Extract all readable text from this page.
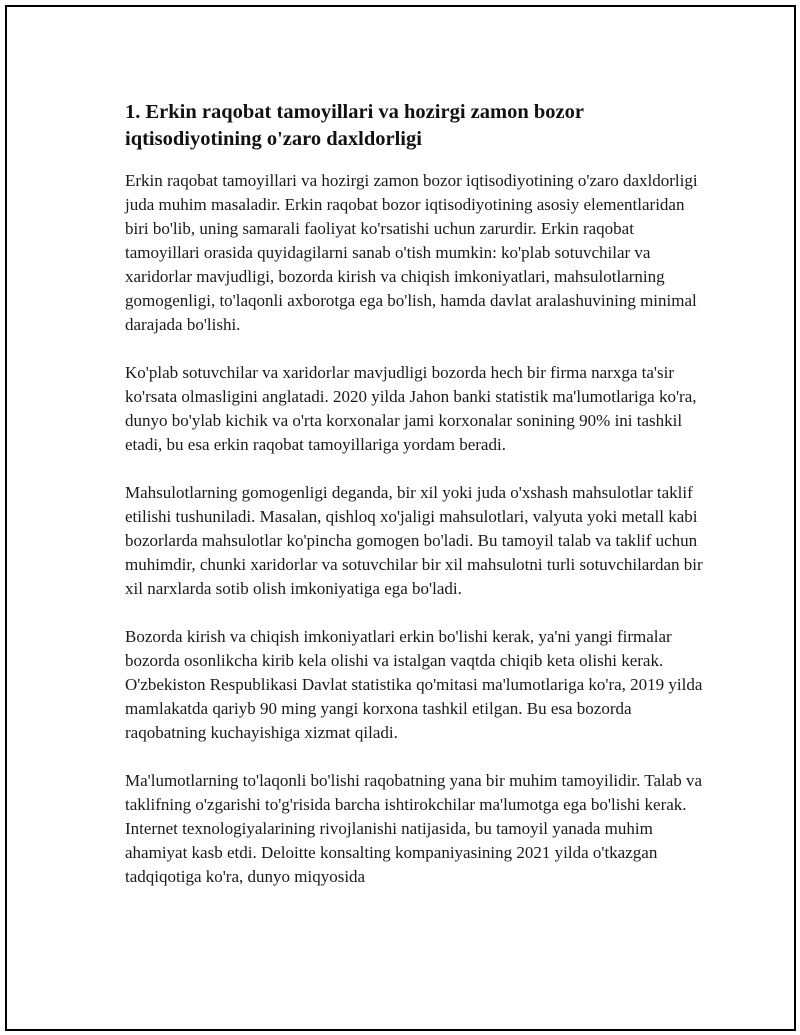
1. Erkin raqobat tamoyillari va hozirgi zamon bozor iqtisodiyotining o'zaro daxldorligi

Erkin raqobat tamoyillari va hozirgi zamon bozor iqtisodiyotining o'zaro daxldorligi juda muhim masaladir. Erkin raqobat bozor iqtisodiyotining asosiy elementlaridan biri bo'lib, uning samarali faoliyat ko'rsatishi uchun zarurdir. Erkin raqobat tamoyillari orasida quyidagilarni sanab o'tish mumkin: ko'plab sotuvchilar va xaridorlar mavjudligi, bozorda kirish va chiqish imkoniyatlari, mahsulotlarning gomogenligi, to'laqonli axborotga ega bo'lish, hamda davlat aralashuvining minimal darajada bo'lishi.

Ko'plab sotuvchilar va xaridorlar mavjudligi bozorda hech bir firma narxga ta'sir ko'rsata olmasligini anglatadi. 2020 yilda Jahon banki statistik ma'lumotlariga ko'ra, dunyo bo'ylab kichik va o'rta korxonalar jami korxonalar sonining 90% ini tashkil etadi, bu esa erkin raqobat tamoyillariga yordam beradi.

Mahsulotlarning gomogenligi deganda, bir xil yoki juda o'xshash mahsulotlar taklif etilishi tushuniladi. Masalan, qishloq xo'jaligi mahsulotlari, valyuta yoki metall kabi bozorlarda mahsulotlar ko'pincha gomogen bo'ladi. Bu tamoyil talab va taklif uchun muhimdir, chunki xaridorlar va sotuvchilar bir xil mahsulotni turli sotuvchilardan bir xil narxlarda sotib olish imkoniyatiga ega bo'ladi.

Bozorda kirish va chiqish imkoniyatlari erkin bo'lishi kerak, ya'ni yangi firmalar bozorda osonlikcha kirib kela olishi va istalgan vaqtda chiqib keta olishi kerak. O'zbekiston Respublikasi Davlat statistika qo'mitasi ma'lumotlariga ko'ra, 2019 yilda mamlakatda qariyb 90 ming yangi korxona tashkil etilgan. Bu esa bozorda raqobatning kuchayishiga xizmat qiladi.

Ma'lumotlarning to'laqonli bo'lishi raqobatning yana bir muhim tamoyilidir. Talab va taklifning o'zgarishi to'g'risida barcha ishtirokchilar ma'lumotga ega bo'lishi kerak. Internet texnologiyalarining rivojlanishi natijasida, bu tamoyil yanada muhim ahamiyat kasb etdi. Deloitte konsalting kompaniyasining 2021 yilda o'tkazgan tadqiqotiga ko'ra, dunyo miqyosida
